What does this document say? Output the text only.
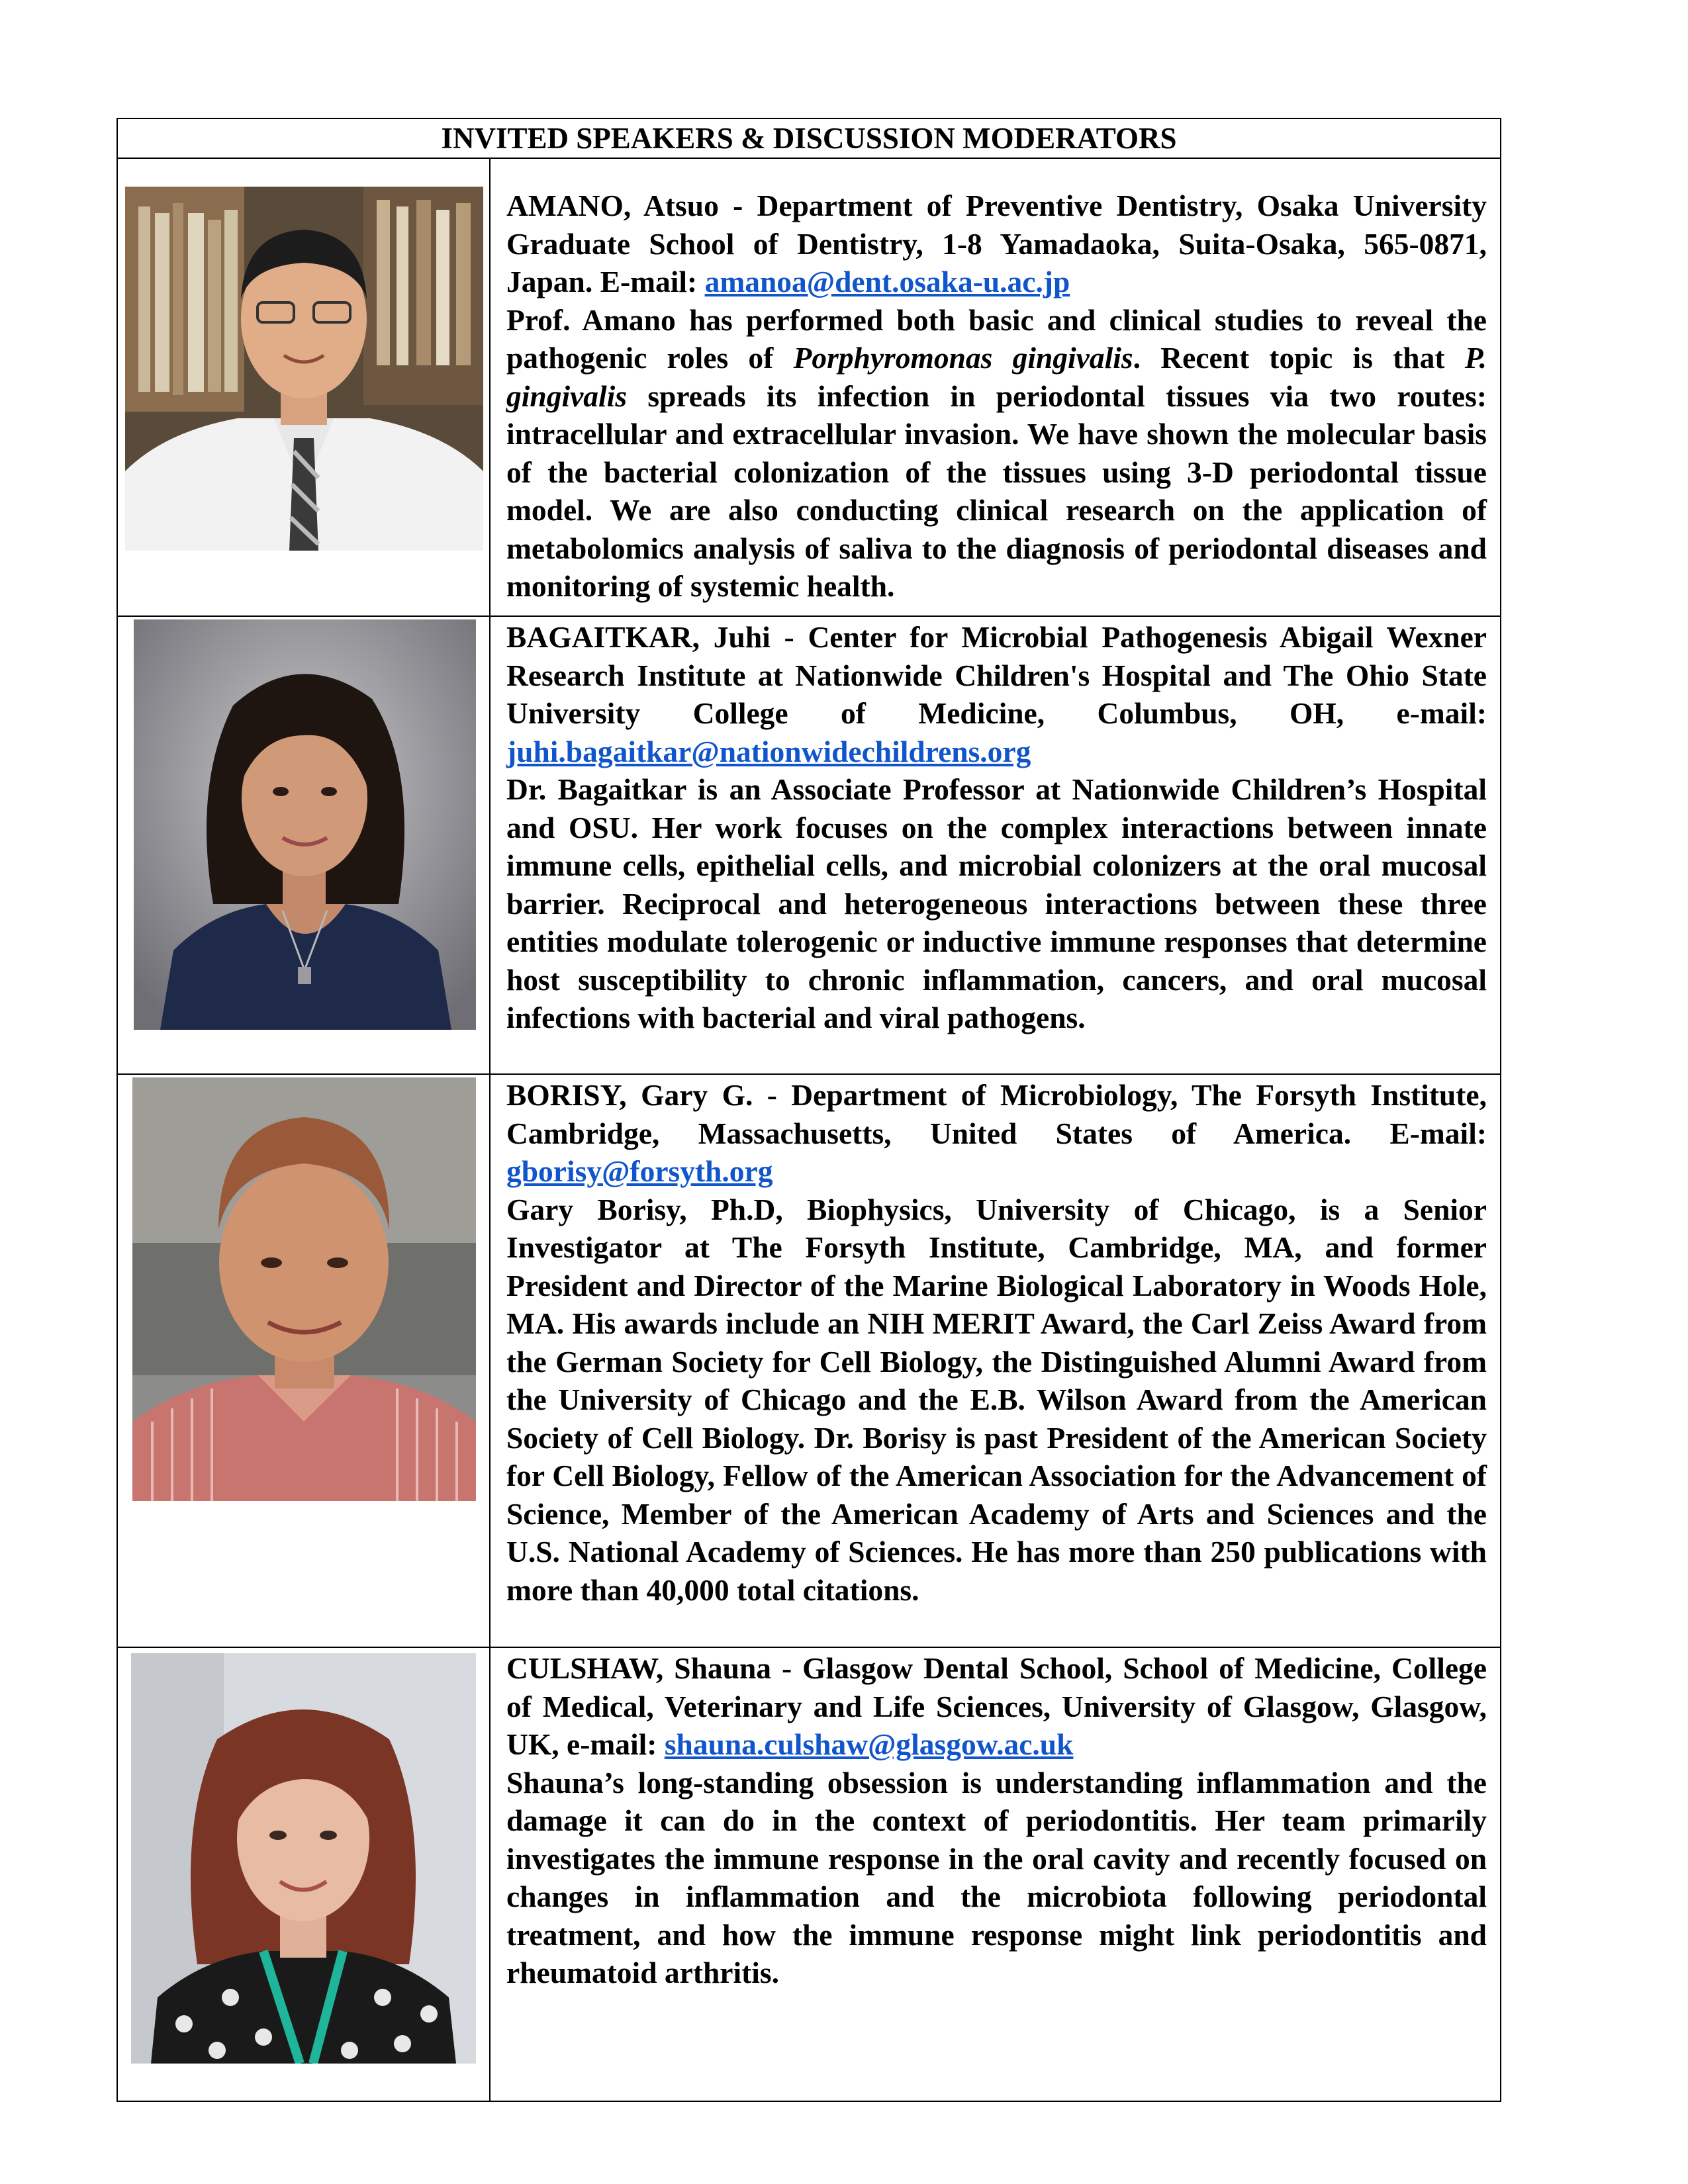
INVITED SPEAKERS & DISCUSSION MODERATORS

AMANO, Atsuo - Department of Preventive Dentistry, Osaka University Graduate School of Dentistry, 1-8 Yamadaoka, Suita-Osaka, 565-0871, Japan. E-mail: amanoa@dent.osaka-u.ac.jp

Prof. Amano has performed both basic and clinical studies to reveal the pathogenic roles of Porphyromonas gingivalis. Recent topic is that P. gingivalis spreads its infection in periodontal tissues via two routes: intracellular and extracellular invasion. We have shown the molecular basis of the bacterial colonization of the tissues using 3-D periodontal tissue model. We are also conducting clinical research on the application of metabolomics analysis of saliva to the diagnosis of periodontal diseases and monitoring of systemic health.

BAGAITKAR, Juhi - Center for Microbial Pathogenesis Abigail Wexner Research Institute at Nationwide Children's Hospital and The Ohio State University College of Medicine, Columbus, OH, e-mail: juhi.bagaitkar@nationwidechildrens.org

Dr. Bagaitkar is an Associate Professor at Nationwide Children’s Hospital and OSU. Her work focuses on the complex interactions between innate immune cells, epithelial cells, and microbial colonizers at the oral mucosal barrier. Reciprocal and heterogeneous interactions between these three entities modulate tolerogenic or inductive immune responses that determine host susceptibility to chronic inflammation, cancers, and oral mucosal infections with bacterial and viral pathogens.

BORISY, Gary G. - Department of Microbiology, The Forsyth Institute, Cambridge, Massachusetts, United States of America. E-mail: gborisy@forsyth.org

Gary Borisy, Ph.D, Biophysics, University of Chicago, is a Senior Investigator at The Forsyth Institute, Cambridge, MA, and former President and Director of the Marine Biological Laboratory in Woods Hole, MA. His awards include an NIH MERIT Award, the Carl Zeiss Award from the German Society for Cell Biology, the Distinguished Alumni Award from the University of Chicago and the E.B. Wilson Award from the American Society of Cell Biology. Dr. Borisy is past President of the American Society for Cell Biology, Fellow of the American Association for the Advancement of Science, Member of the American Academy of Arts and Sciences and the U.S. National Academy of Sciences. He has more than 250 publications with more than 40,000 total citations.

CULSHAW, Shauna - Glasgow Dental School, School of Medicine, College of Medical, Veterinary and Life Sciences, University of Glasgow, Glasgow, UK, e-mail: shauna.culshaw@glasgow.ac.uk

Shauna’s long-standing obsession is understanding inflammation and the damage it can do in the context of periodontitis. Her team primarily investigates the immune response in the oral cavity and recently focused on changes in inflammation and the microbiota following periodontal treatment, and how the immune response might link periodontitis and rheumatoid arthritis.
